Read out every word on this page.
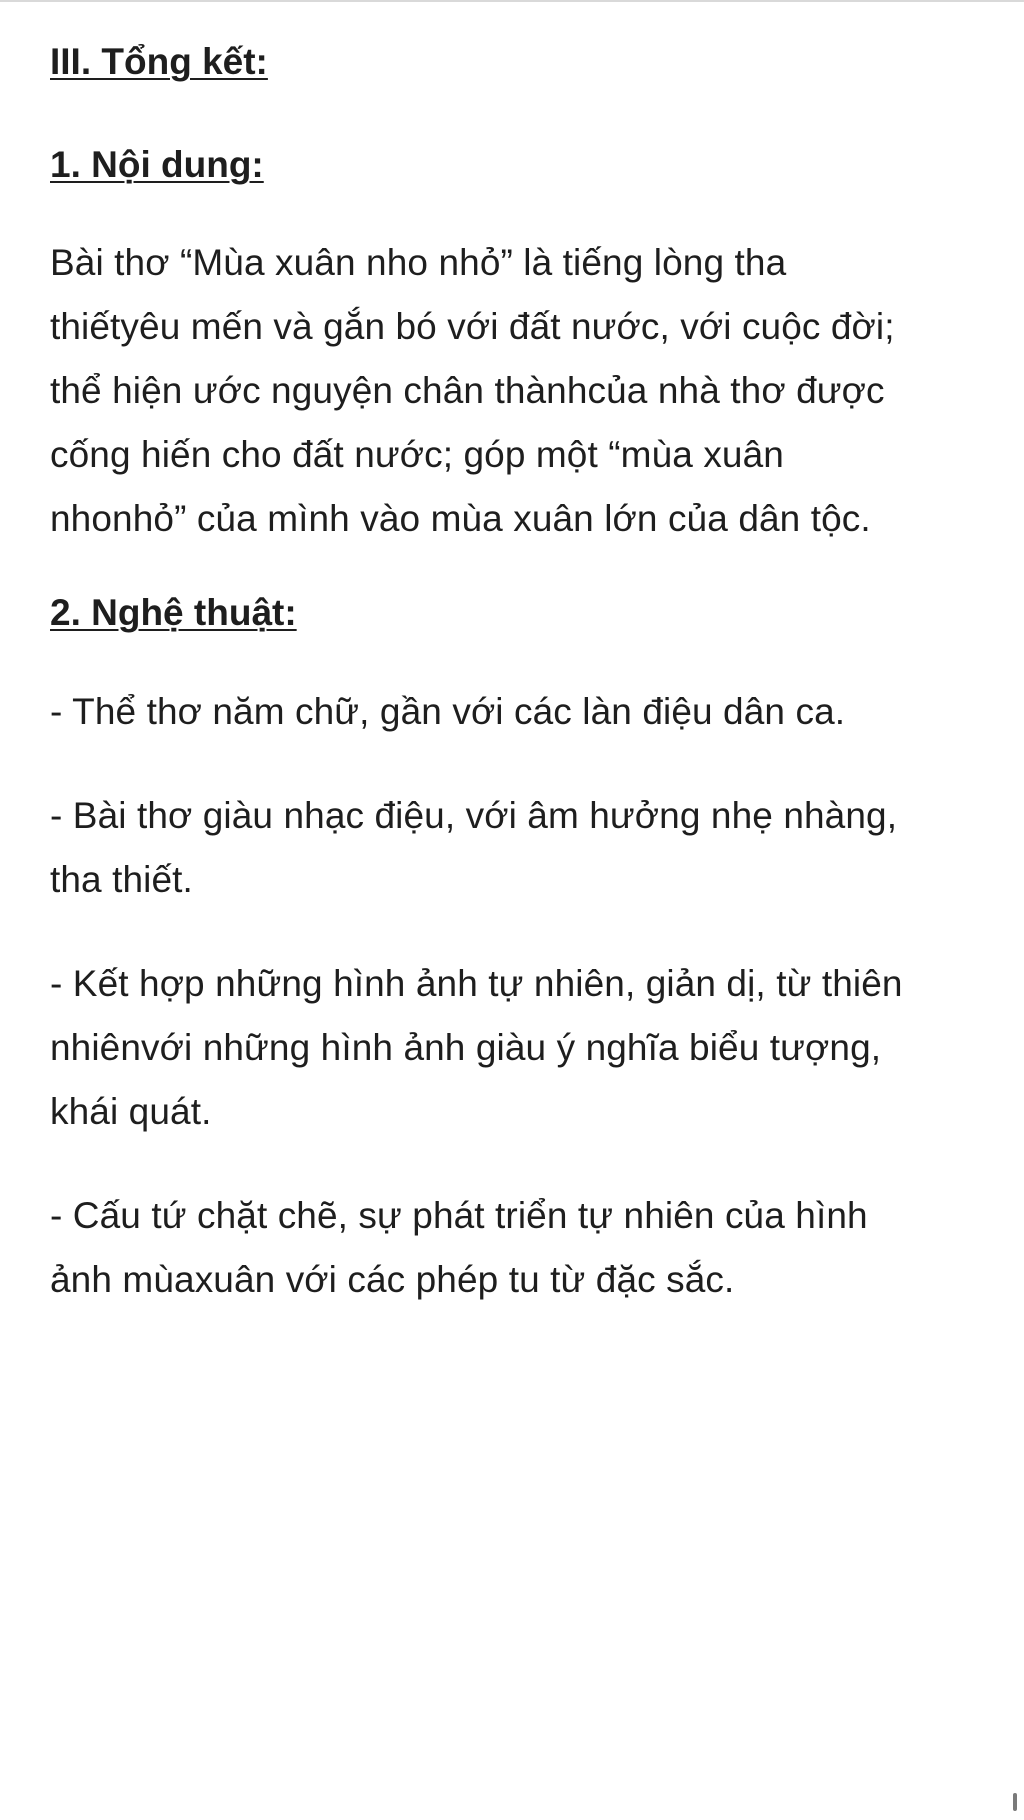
III. Tổng kết:

1. Nội dung:

Bài thơ “Mùa xuân nho nhỏ” là tiếng lòng tha
thiếtyêu mến và gắn bó với đất nước, với cuộc đời;
thể hiện ước nguyện chân thànhcủa nhà thơ được
cống hiến cho đất nước; góp một “mùa xuân
nhonhỏ” của mình vào mùa xuân lớn của dân tộc.

2. Nghệ thuật:

- Thể thơ năm chữ, gần với các làn điệu dân ca.

- Bài thơ giàu nhạc điệu, với âm hưởng nhẹ nhàng,
tha thiết.

- Kết hợp những hình ảnh tự nhiên, giản dị, từ thiên
nhiênvới những hình ảnh giàu ý nghĩa biểu tượng,
khái quát.

- Cấu tứ chặt chẽ, sự phát triển tự nhiên của hình
ảnh mùaxuân với các phép tu từ đặc sắc.
